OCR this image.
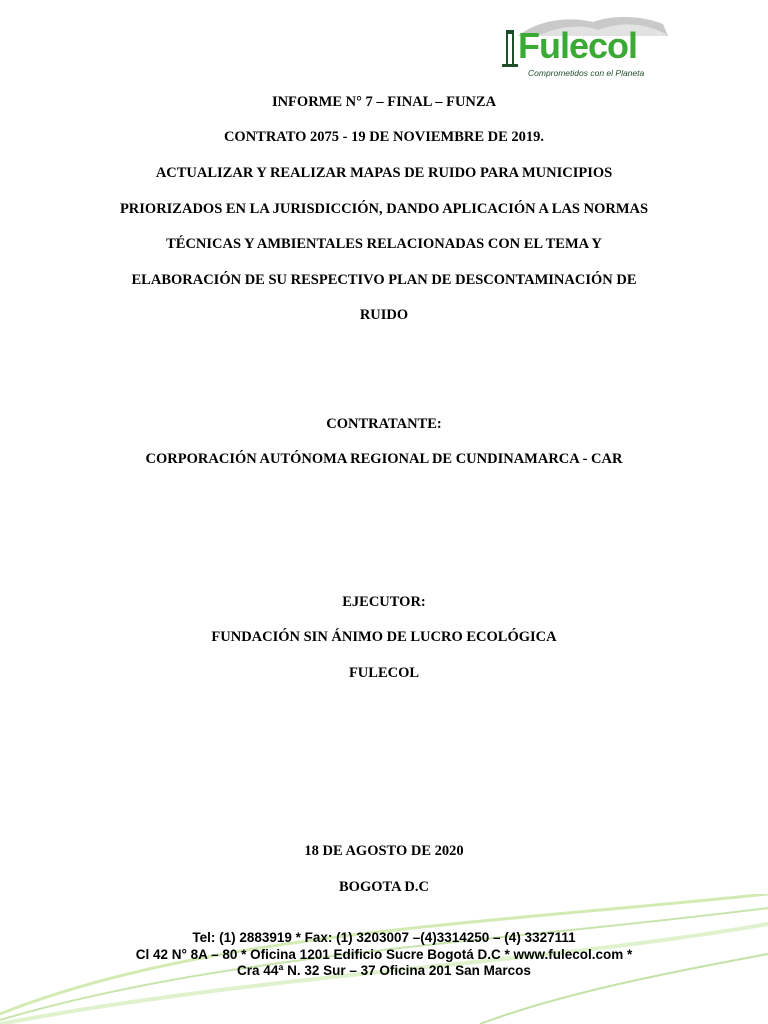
Fulecol
Comprometidos con el Planeta
INFORME N° 7 – FINAL – FUNZA
CONTRATO 2075 - 19 DE NOVIEMBRE DE 2019.
ACTUALIZAR Y REALIZAR MAPAS DE RUIDO PARA MUNICIPIOS
PRIORIZADOS EN LA JURISDICCIÓN, DANDO APLICACIÓN A LAS NORMAS
TÉCNICAS Y AMBIENTALES RELACIONADAS CON EL TEMA Y
ELABORACIÓN DE SU RESPECTIVO PLAN DE DESCONTAMINACIÓN DE
RUIDO
CONTRATANTE:
CORPORACIÓN AUTÓNOMA REGIONAL DE CUNDINAMARCA - CAR
EJECUTOR:
FUNDACIÓN SIN ÁNIMO DE LUCRO ECOLÓGICA
FULECOL
18 DE AGOSTO DE 2020
BOGOTA D.C
Tel: (1) 2883919 * Fax: (1) 3203007 –(4)3314250 – (4) 3327111
Cl 42 N° 8A – 80 * Oficina 1201 Edificio Sucre Bogotá D.C * www.fulecol.com *
Cra 44ª N. 32 Sur – 37 Oficina 201 San Marcos
